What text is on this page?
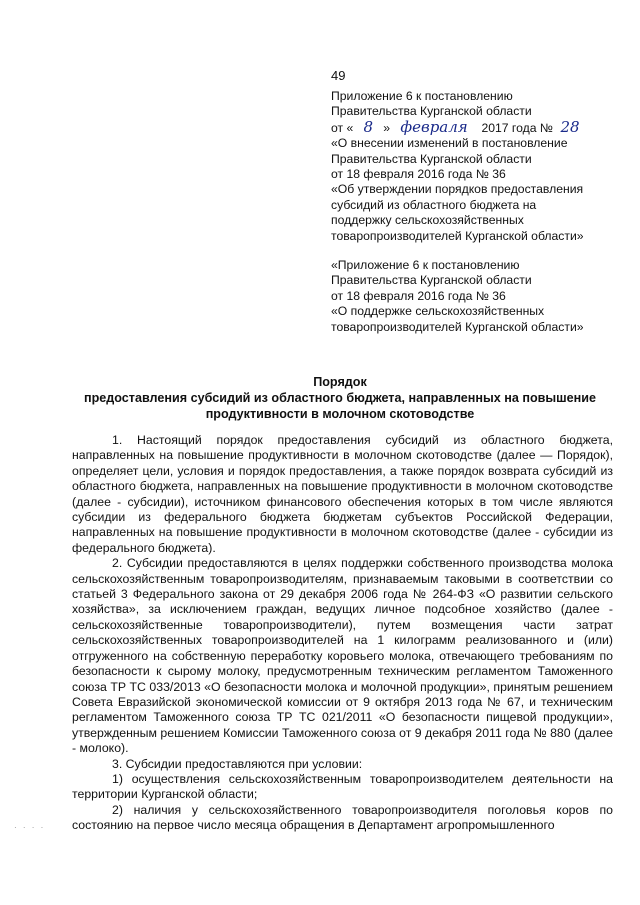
49
Приложение 6 к постановлению
Правительства Курганской области
от « 8 » февраля 2017 года № 28
«О внесении изменений в постановление
Правительства Курганской области
от 18 февраля 2016 года № 36
«Об утверждении порядков предоставления
субсидий из областного бюджета на
поддержку сельскохозяйственных
товаропроизводителей Курганской области»
«Приложение 6 к постановлению
Правительства Курганской области
от 18 февраля 2016 года № 36
«О поддержке сельскохозяйственных
товаропроизводителей Курганской области»
Порядок
предоставления субсидий из областного бюджета, направленных на повышение
продуктивности в молочном скотоводстве

1. Настоящий порядок предоставления субсидий из областного бюджета, направленных на повышение продуктивности в молочном скотоводстве (далее — Порядок), определяет цели, условия и порядок предоставления, а также порядок возврата субсидий из областного бюджета, направленных на повышение продуктивности в молочном скотоводстве (далее - субсидии), источником финансового обеспечения которых в том числе являются субсидии из федерального бюджета бюджетам субъектов Российской Федерации, направленных на повышение продуктивности в молочном скотоводстве (далее - субсидии из федерального бюджета).

2. Субсидии предоставляются в целях поддержки собственного производства молока сельскохозяйственным товаропроизводителям, признаваемым таковыми в соответствии со статьей 3 Федерального закона от 29 декабря 2006 года № 264-ФЗ «О развитии сельского хозяйства», за исключением граждан, ведущих личное подсобное хозяйство (далее - сельскохозяйственные товаропроизводители), путем возмещения части затрат сельскохозяйственных товаропроизводителей на 1 килограмм реализованного и (или) отгруженного на собственную переработку коровьего молока, отвечающего требованиям по безопасности к сырому молоку, предусмотренным техническим регламентом Таможенного союза ТР ТС 033/2013 «О безопасности молока и молочной продукции», принятым решением Совета Евразийской экономической комиссии от 9 октября 2013 года № 67, и техническим регламентом Таможенного союза ТР ТС 021/2011 «О безопасности пищевой продукции», утвержденным решением Комиссии Таможенного союза от 9 декабря 2011 года № 880 (далее - молоко).

3. Субсидии предоставляются при условии:

1) осуществления сельскохозяйственным товаропроизводителем деятельности на территории Курганской области;

2) наличия у сельскохозяйственного товаропроизводителя поголовья коров по состоянию на первое число месяца обращения в Департамент агропромышленного

· · · ·
